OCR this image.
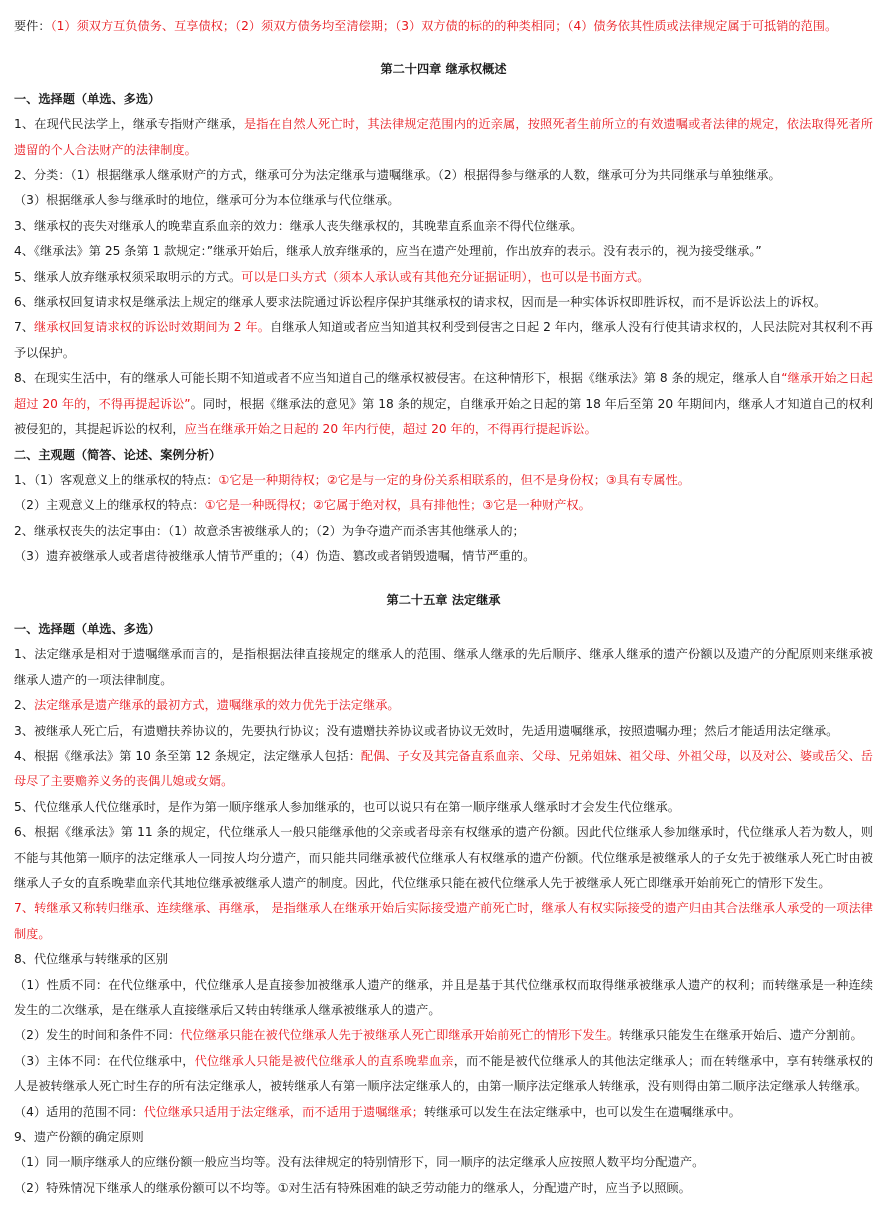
要件：（1）须双方互负债务、互享债权；（2）须双方债务均至清偿期；（3）双方债的标的的种类相同；（4）债务依其性质或法律规定属于可抵销的范围。

第二十四章 继承权概述

一、选择题（单选、多选）

1、在现代民法学上，继承专指财产继承，是指在自然人死亡时，其法律规定范围内的近亲属，按照死者生前所立的有效遗嘱或者法律的规定，依法取得死者所遗留的个人合法财产的法律制度。

2、分类：（1）根据继承人继承财产的方式，继承可分为法定继承与遗嘱继承。（2）根据得参与继承的人数，继承可分为共同继承与单独继承。

（3）根据继承人参与继承时的地位，继承可分为本位继承与代位继承。

3、继承权的丧失对继承人的晚辈直系血亲的效力：继承人丧失继承权的，其晚辈直系血亲不得代位继承。

4、《继承法》第 25 条第 1 款规定：”继承开始后，继承人放弃继承的，应当在遗产处理前，作出放弃的表示。没有表示的，视为接受继承。”

5、继承人放弃继承权须采取明示的方式。可以是口头方式（须本人承认或有其他充分证据证明），也可以是书面方式。

6、继承权回复请求权是继承法上规定的继承人要求法院通过诉讼程序保护其继承权的请求权，因而是一种实体诉权即胜诉权，而不是诉讼法上的诉权。

7、继承权回复请求权的诉讼时效期间为 2 年。自继承人知道或者应当知道其权利受到侵害之日起 2 年内，继承人没有行使其请求权的，人民法院对其权利不再予以保护。

8、在现实生活中，有的继承人可能长期不知道或者不应当知道自己的继承权被侵害。在这种情形下，根据《继承法》第 8 条的规定，继承人自“继承开始之日起超过 20 年的，不得再提起诉讼”。同时，根据《继承法的意见》第 18 条的规定，自继承开始之日起的第 18 年后至第 20 年期间内，继承人才知道自己的权利被侵犯的，其提起诉讼的权利，应当在继承开始之日起的 20 年内行使，超过 20 年的，不得再行提起诉讼。

二、主观题（简答、论述、案例分析）

1、（1）客观意义上的继承权的特点：①它是一种期待权；②它是与一定的身份关系相联系的，但不是身份权；③具有专属性。

（2）主观意义上的继承权的特点：①它是一种既得权；②它属于绝对权，具有排他性；③它是一种财产权。

2、继承权丧失的法定事由：（1）故意杀害被继承人的；（2）为争夺遗产而杀害其他继承人的；

（3）遗弃被继承人或者虐待被继承人情节严重的；（4）伪造、篡改或者销毁遗嘱，情节严重的。

第二十五章 法定继承

一、选择题（单选、多选）

1、法定继承是相对于遗嘱继承而言的，是指根据法律直接规定的继承人的范围、继承人继承的先后顺序、继承人继承的遗产份额以及遗产的分配原则来继承被继承人遗产的一项法律制度。

2、法定继承是遗产继承的最初方式，遗嘱继承的效力优先于法定继承。

3、被继承人死亡后，有遗赠扶养协议的，先要执行协议；没有遗赠扶养协议或者协议无效时，先适用遗嘱继承，按照遗嘱办理；然后才能适用法定继承。

4、根据《继承法》第 10 条至第 12 条规定，法定继承人包括：配偶、子女及其完备直系血亲、父母、兄弟姐妹、祖父母、外祖父母，以及对公、婆或岳父、岳母尽了主要赡养义务的丧偶儿媳或女婿。

5、代位继承人代位继承时，是作为第一顺序继承人参加继承的，也可以说只有在第一顺序继承人继承时才会发生代位继承。

6、根据《继承法》第 11 条的规定，代位继承人一般只能继承他的父亲或者母亲有权继承的遗产份额。因此代位继承人参加继承时，代位继承人若为数人，则不能与其他第一顺序的法定继承人一同按人均分遗产，而只能共同继承被代位继承人有权继承的遗产份额。代位继承是被继承人的子女先于被继承人死亡时由被继承人子女的直系晚辈血亲代其地位继承被继承人遗产的制度。因此，代位继承只能在被代位继承人先于被继承人死亡即继承开始前死亡的情形下发生。

7、转继承又称转归继承、连续继承、再继承， 是指继承人在继承开始后实际接受遗产前死亡时，继承人有权实际接受的遗产归由其合法继承人承受的一项法律制度。

8、代位继承与转继承的区别

（1）性质不同：在代位继承中，代位继承人是直接参加被继承人遗产的继承，并且是基于其代位继承权而取得继承被继承人遗产的权利；而转继承是一种连续发生的二次继承，是在继承人直接继承后又转由转继承人继承被继承人的遗产。

（2）发生的时间和条件不同：代位继承只能在被代位继承人先于被继承人死亡即继承开始前死亡的情形下发生。转继承只能发生在继承开始后、遗产分割前。

（3）主体不同：在代位继承中，代位继承人只能是被代位继承人的直系晚辈血亲，而不能是被代位继承人的其他法定继承人；而在转继承中，享有转继承权的人是被转继承人死亡时生存的所有法定继承人，被转继承人有第一顺序法定继承人的，由第一顺序法定继承人转继承，没有则得由第二顺序法定继承人转继承。

（4）适用的范围不同：代位继承只适用于法定继承，而不适用于遗嘱继承；转继承可以发生在法定继承中，也可以发生在遗嘱继承中。

9、遗产份额的确定原则

（1）同一顺序继承人的应继份额一般应当均等。没有法律规定的特别情形下，同一顺序的法定继承人应按照人数平均分配遗产。

（2）特殊情况下继承人的继承份额可以不均等。①对生活有特殊困难的缺乏劳动能力的继承人，分配遗产时，应当予以照顾。
